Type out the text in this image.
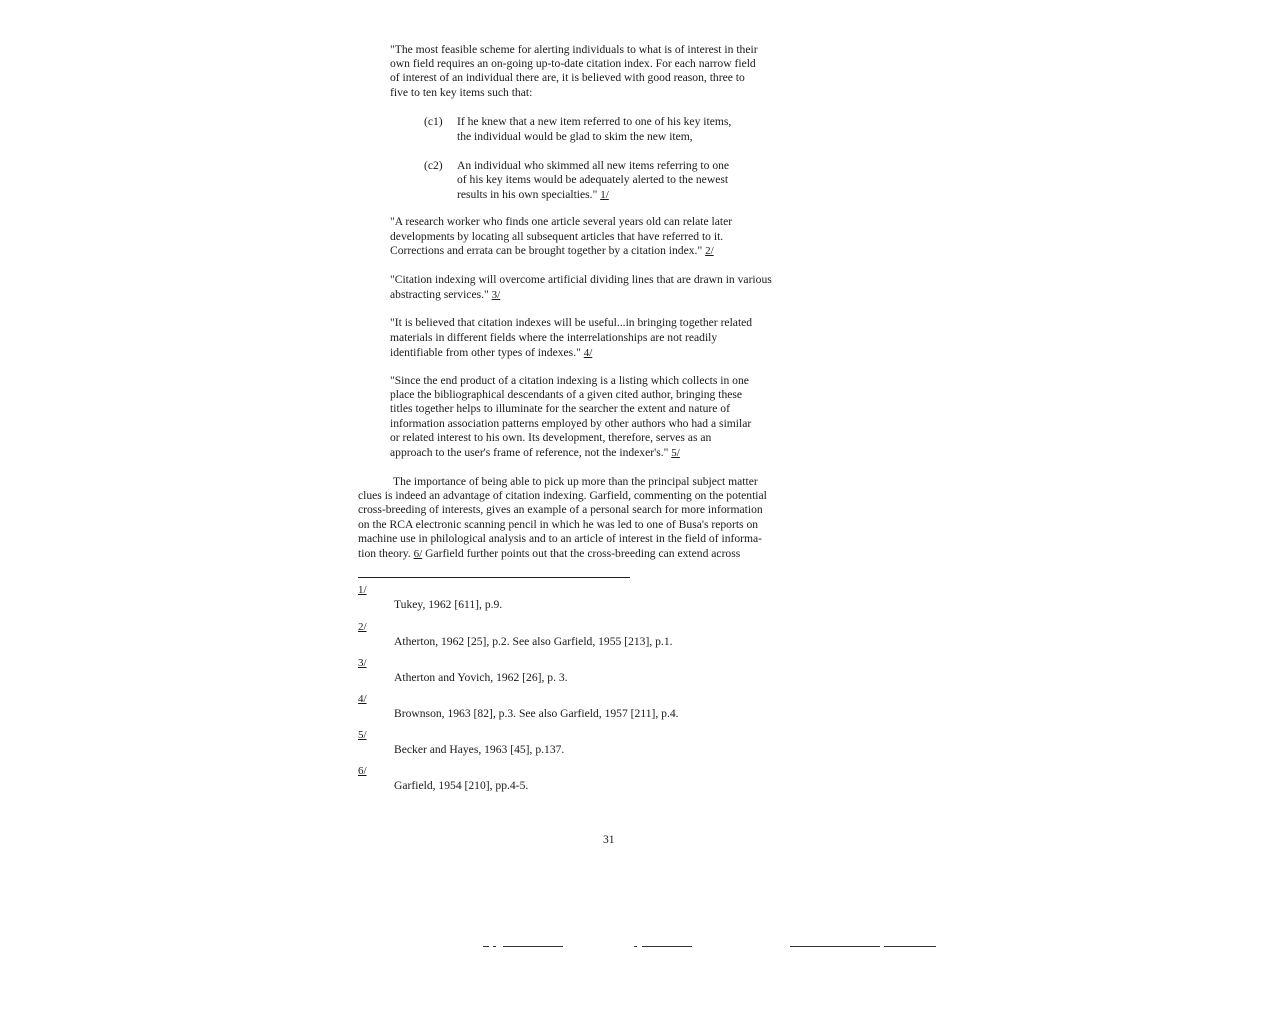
"The most feasible scheme for alerting individuals to what is of interest in their
own field requires an on-going up-to-date citation index. For each narrow field
of interest of an individual there are, it is believed with good reason, three to
five to ten key items such that:
(c1) If he knew that a new item referred to one of his key items,
the individual would be glad to skim the new item,
(c2) An individual who skimmed all new items referring to one
of his key items would be adequately alerted to the newest
results in his own specialties." 1/
"A research worker who finds one article several years old can relate later
developments by locating all subsequent articles that have referred to it.
Corrections and errata can be brought together by a citation index." 2/
"Citation indexing will overcome artificial dividing lines that are drawn in various
abstracting services." 3/
"It is believed that citation indexes will be useful...in bringing together related
materials in different fields where the interrelationships are not readily
identifiable from other types of indexes." 4/
"Since the end product of a citation indexing is a listing which collects in one
place the bibliographical descendants of a given cited author, bringing these
titles together helps to illuminate for the searcher the extent and nature of
information association patterns employed by other authors who had a similar
or related interest to his own. Its development, therefore, serves as an
approach to the user's frame of reference, not the indexer's." 5/
The importance of being able to pick up more than the principal subject matter
clues is indeed an advantage of citation indexing. Garfield, commenting on the potential
cross-breeding of interests, gives an example of a personal search for more information
on the RCA electronic scanning pencil in which he was led to one of Busa's reports on
machine use in philological analysis and to an article of interest in the field of informa-
tion theory. 6/ Garfield further points out that the cross-breeding can extend across
1/
Tukey, 1962 [611], p.9.
2/
Atherton, 1962 [25], p.2. See also Garfield, 1955 [213], p.1.
3/
Atherton and Yovich, 1962 [26], p. 3.
4/
Brownson, 1963 [82], p.3. See also Garfield, 1957 [211], p.4.
5/
Becker and Hayes, 1963 [45], p.137.
6/
Garfield, 1954 [210], pp.4-5.
31
